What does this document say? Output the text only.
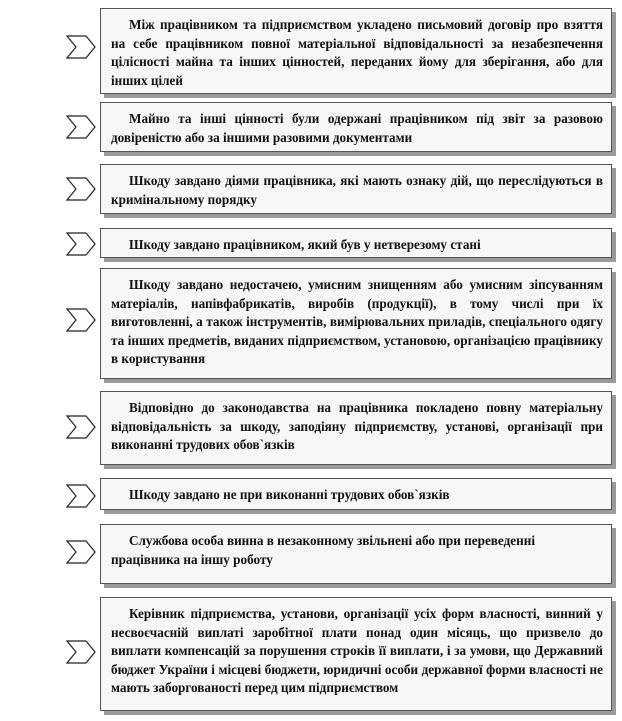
Між працівником та підприємством укладено письмовий договір про взяття на себе працівником повної матеріальної відповідальності за незабезпечення цілісності майна та інших цінностей, переданих йому для зберігання, або для інших цілей
Майно та інші цінності були одержані працівником під звіт за разовою довіреністю або за іншими разовими документами
Шкоду завдано діями працівника, які мають ознаку дій, що переслідуються в кримінальному порядку
Шкоду завдано працівником, який був у нетверезому стані
Шкоду завдано недостачею, умисним знищенням або умисним зіпсуванням матеріалів, напівфабрикатів, виробів (продукції), в тому числі при їх виготовленні, а також інструментів, вимірювальних приладів, спеціального одягу та інших предметів, виданих підприємством, установою, організацією працівнику в користування
Відповідно до законодавства на працівника покладено повну матеріальну відповідальність за шкоду, заподіяну підприємству, установі, організації при виконанні трудових обов`язків
Шкоду завдано не при виконанні трудових обов`язків
Службова особа винна в незаконному звільнені або при переведенні працівника на іншу роботу
Керівник підприємства, установи, організації усіх форм власності, винний у несвоєчасній виплаті заробітної плати понад один місяць, що призвело до виплати компенсацій за порушення строків її виплати, і за умови, що Державний бюджет України і місцеві бюджети, юридичні особи державної форми власності не мають заборгованості перед цим підприємством
